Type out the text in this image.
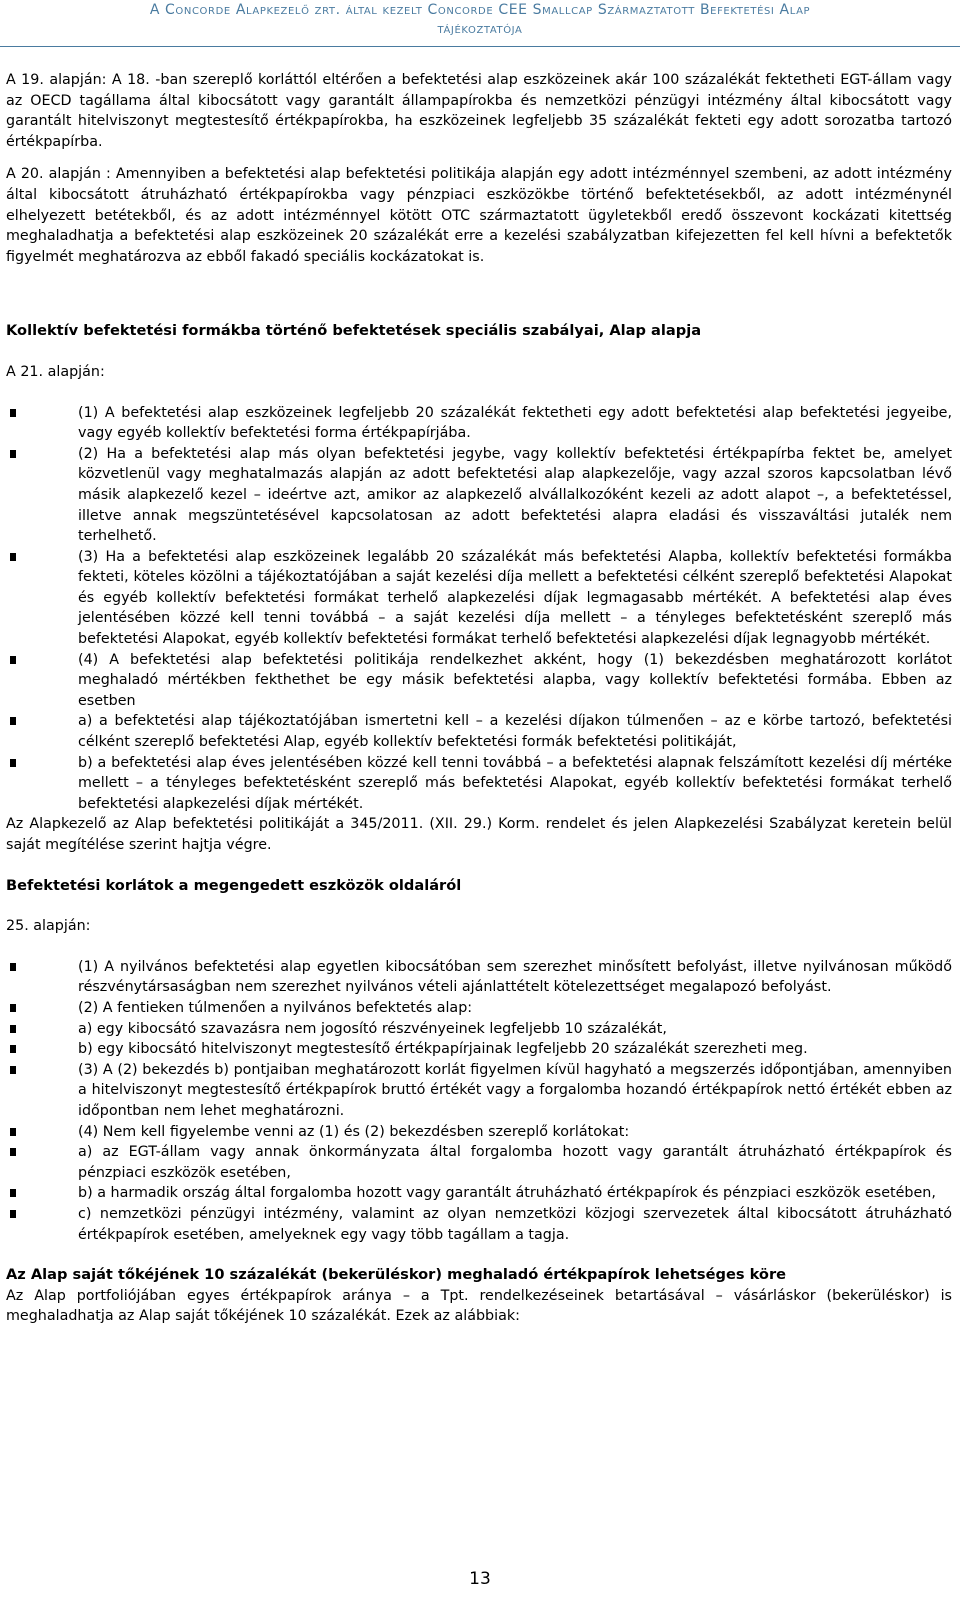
A Concorde Alapkezelő zrt. által kezelt Concorde CEE Smallcap Származtatott Befektetési Alap
tájékoztatója

A 19. alapján: A 18. -ban szereplő korláttól eltérően a befektetési alap eszközeinek akár 100 százalékát fektetheti EGT-állam vagy az OECD tagállama által kibocsátott vagy garantált állampapírokba és nemzetközi pénzügyi intézmény által kibocsátott vagy garantált hitelviszonyt megtestesítő értékpapírokba, ha eszközeinek legfeljebb 35 százalékát fekteti egy adott sorozatba tartozó értékpapírba.

A 20. alapján : Amennyiben a befektetési alap befektetési politikája alapján egy adott intézménnyel szembeni, az adott intézmény által kibocsátott átruházható értékpapírokba vagy pénzpiaci eszközökbe történő befektetésekből, az adott intézménynél elhelyezett betétekből, és az adott intézménnyel kötött OTC származtatott ügyletekből eredő összevont kockázati kitettség meghaladhatja a befektetési alap eszközeinek 20 százalékát erre a kezelési szabályzatban kifejezetten fel kell hívni a befektetők figyelmét meghatározva az ebből fakadó speciális kockázatokat is.

Kollektív befektetési formákba történő befektetések speciális szabályai, Alap alapja

A 21. alapján:

(1) A befektetési alap eszközeinek legfeljebb 20 százalékát fektetheti egy adott befektetési alap befektetési jegyeibe, vagy egyéb kollektív befektetési forma értékpapírjába.
(2) Ha a befektetési alap más olyan befektetési jegybe, vagy kollektív befektetési értékpapírba fektet be, amelyet közvetlenül vagy meghatalmazás alapján az adott befektetési alap alapkezelője, vagy azzal szoros kapcsolatban lévő másik alapkezelő kezel – ideértve azt, amikor az alapkezelő alvállalkozóként kezeli az adott alapot –, a befektetéssel, illetve annak megszüntetésével kapcsolatosan az adott befektetési alapra eladási és visszaváltási jutalék nem terhelhető.
(3) Ha a befektetési alap eszközeinek legalább 20 százalékát más befektetési Alapba, kollektív befektetési formákba fekteti, köteles közölni a tájékoztatójában a saját kezelési díja mellett a befektetési célként szereplő befektetési Alapokat és egyéb kollektív befektetési formákat terhelő alapkezelési díjak legmagasabb mértékét. A befektetési alap éves jelentésében közzé kell tenni továbbá – a saját kezelési díja mellett – a tényleges befektetésként szereplő más befektetési Alapokat, egyéb kollektív befektetési formákat terhelő befektetési alapkezelési díjak legnagyobb mértékét.
(4) A befektetési alap befektetési politikája rendelkezhet akként, hogy (1) bekezdésben meghatározott korlátot meghaladó mértékben fekthethet be egy másik befektetési alapba, vagy kollektív befektetési formába. Ebben az esetben
a) a befektetési alap tájékoztatójában ismertetni kell – a kezelési díjakon túlmenően – az e körbe tartozó, befektetési célként szereplő befektetési Alap, egyéb kollektív befektetési formák befektetési politikáját,
b) a befektetési alap éves jelentésében közzé kell tenni továbbá – a befektetési alapnak felszámított kezelési díj mértéke mellett – a tényleges befektetésként szereplő más befektetési Alapokat, egyéb kollektív befektetési formákat terhelő befektetési alapkezelési díjak mértékét.

Az Alapkezelő az Alap befektetési politikáját a 345/2011. (XII. 29.) Korm. rendelet és jelen Alapkezelési Szabályzat keretein belül saját megítélése szerint hajtja végre.

Befektetési korlátok a megengedett eszközök oldaláról

25. alapján:

(1) A nyilvános befektetési alap egyetlen kibocsátóban sem szerezhet minősített befolyást, illetve nyilvánosan működő részvénytársaságban nem szerezhet nyilvános vételi ajánlattételt kötelezettséget megalapozó befolyást.
(2) A fentieken túlmenően a nyilvános befektetés alap:
a) egy kibocsátó szavazásra nem jogosító részvényeinek legfeljebb 10 százalékát,
b) egy kibocsátó hitelviszonyt megtestesítő értékpapírjainak legfeljebb 20 százalékát szerezheti meg.
(3) A (2) bekezdés b) pontjaiban meghatározott korlát figyelmen kívül hagyható a megszerzés időpontjában, amennyiben a hitelviszonyt megtestesítő értékpapírok bruttó értékét vagy a forgalomba hozandó értékpapírok nettó értékét ebben az időpontban nem lehet meghatározni.
(4) Nem kell figyelembe venni az (1) és (2) bekezdésben szereplő korlátokat:
a) az EGT-állam vagy annak önkormányzata által forgalomba hozott vagy garantált átruházható értékpapírok és pénzpiaci eszközök esetében,
b) a harmadik ország által forgalomba hozott vagy garantált átruházható értékpapírok és pénzpiaci eszközök esetében,
c) nemzetközi pénzügyi intézmény, valamint az olyan nemzetközi közjogi szervezetek által kibocsátott átruházható értékpapírok esetében, amelyeknek egy vagy több tagállam a tagja.

Az Alap saját tőkéjének 10 százalékát (bekerüléskor) meghaladó értékpapírok lehetséges köre

Az Alap portfoliójában egyes értékpapírok aránya – a Tpt. rendelkezéseinek betartásával – vásárláskor (bekerüléskor) is meghaladhatja az Alap saját tőkéjének 10 százalékát. Ezek az alábbiak:

13
